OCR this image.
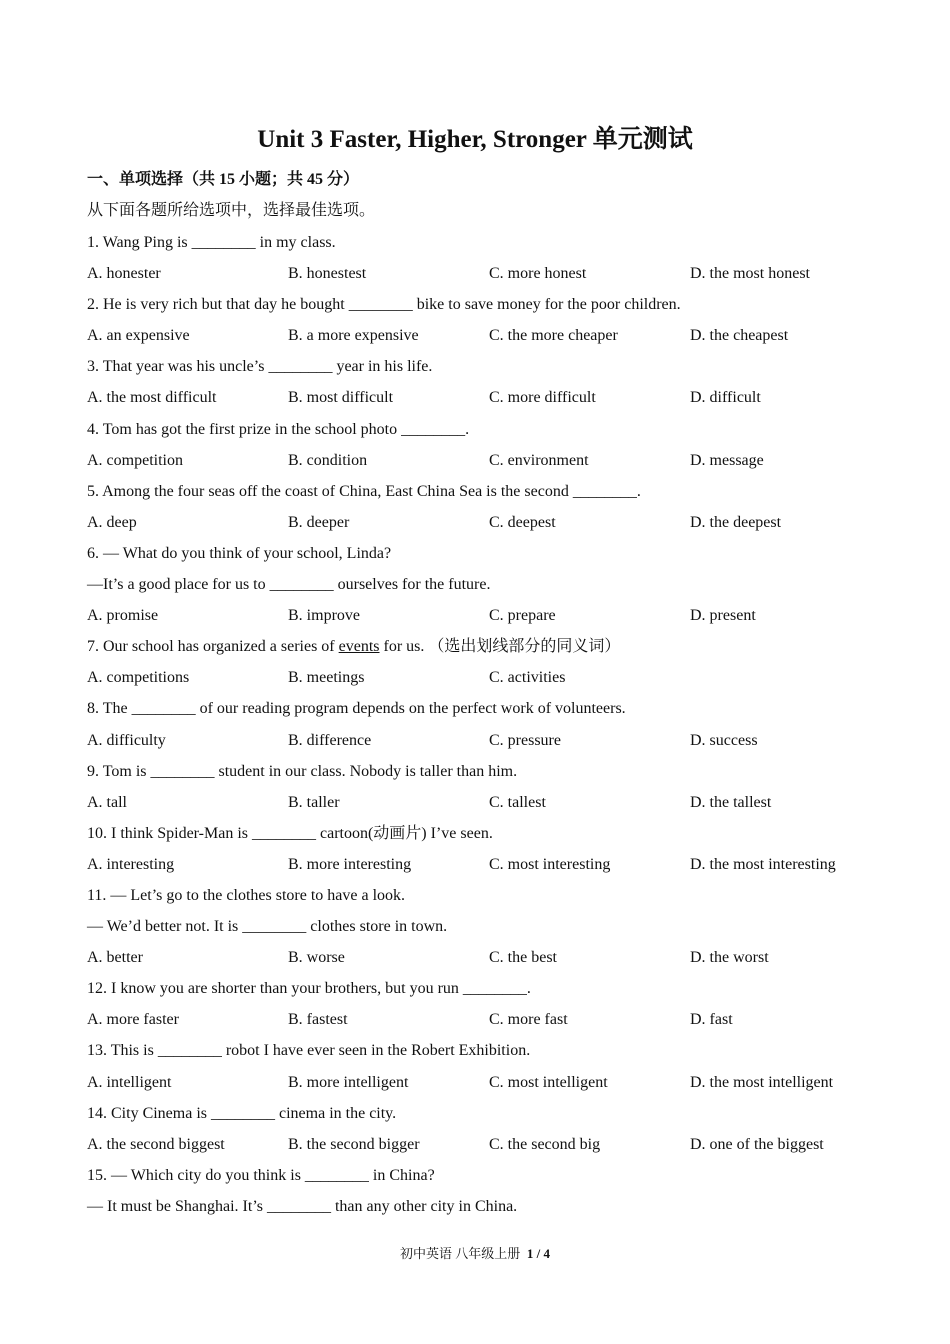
Unit 3 Faster, Higher, Stronger 单元测试
一、单项选择（共 15 小题；共 45 分）
从下面各题所给选项中，选择最佳选项。
1. Wang Ping is ________ in my class.
A. honester	B. honestest	C. more honest	D. the most honest
2. He is very rich but that day he bought ________ bike to save money for the poor children.
A. an expensive	B. a more expensive	C. the more cheaper	D. the cheapest
3. That year was his uncle’s ________ year in his life.
A. the most difficult	B. most difficult	C. more difficult	D. difficult
4. Tom has got the first prize in the school photo ________.
A. competition	B. condition	C. environment	D. message
5. Among the four seas off the coast of China, East China Sea is the second ________.
A. deep	B. deeper	C. deepest	D. the deepest
6. — What do you think of your school, Linda?
—It’s a good place for us to ________ ourselves for the future.
A. promise	B. improve	C. prepare	D. present
7. Our school has organized a series of events for us. （选出划线部分的同义词）
A. competitions	B. meetings	C. activities
8. The ________ of our reading program depends on the perfect work of volunteers.
A. difficulty	B. difference	C. pressure	D. success
9. Tom is ________ student in our class. Nobody is taller than him.
A. tall	B. taller	C. tallest	D. the tallest
10. I think Spider-Man is ________ cartoon(动画片) I’ve seen.
A. interesting	B. more interesting	C. most interesting	D. the most interesting
11. — Let’s go to the clothes store to have a look.
— We’d better not. It is ________ clothes store in town.
A. better	B. worse	C. the best	D. the worst
12. I know you are shorter than your brothers, but you run ________.
A. more faster	B. fastest	C. more fast	D. fast
13. This is ________ robot I have ever seen in the Robert Exhibition.
A. intelligent	B. more intelligent	C. most intelligent	D. the most intelligent
14. City Cinema is ________ cinema in the city.
A. the second biggest	B. the second bigger	C. the second big	D. one of the biggest
15. — Which city do you think is ________ in China?
— It must be Shanghai. It’s ________ than any other city in China.
初中英语 八年级上册 1 / 4
